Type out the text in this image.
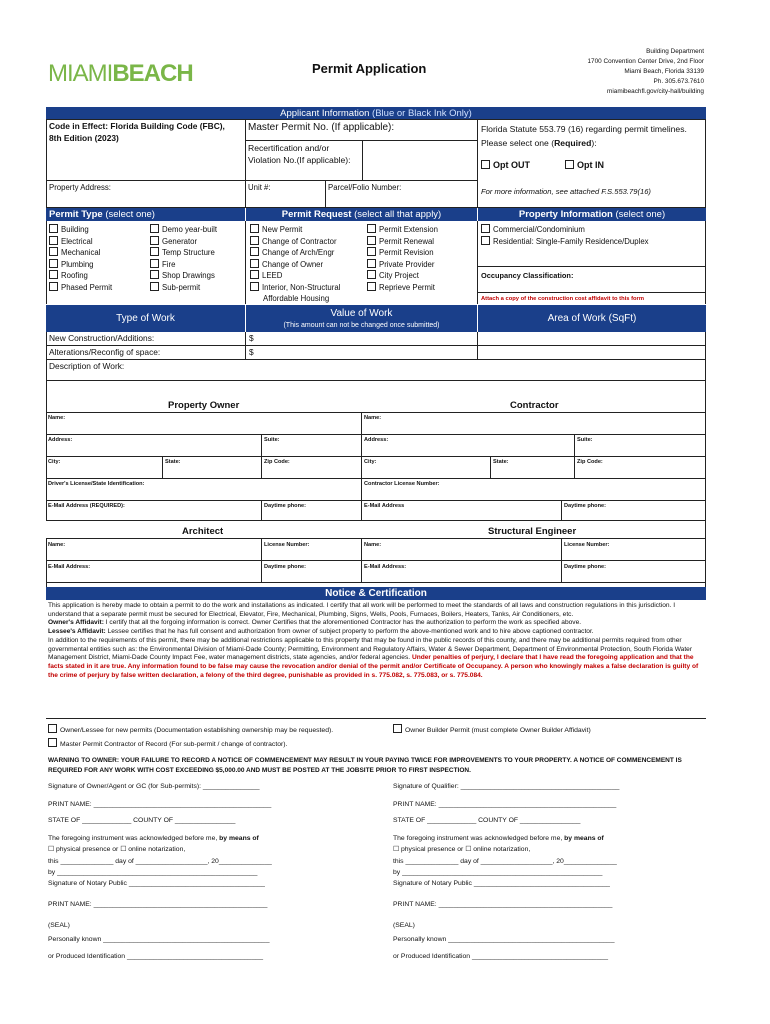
MIAMIBEACH	Permit Application
Building Department
1700 Convention Center Drive, 2nd Floor
Miami Beach, Florida 33139
Ph. 305.673.7610
miamibeachfl.gov/city-hall/building
Applicant Information
(Blue or Black Ink Only)
Code in Effect: Florida Building Code (FBC), 8th Edition (2023)
Master Permit No. (If applicable):
Recertification and/or Violation No.(If applicable):
Florida Statute 553.79 (16) regarding permit timelines. Please select one (Required):
Opt OUT	Opt IN
For more information, see attached F.S.553.79(16)
Property Address:	Unit #:	Parcel/Folio Number:
Permit Type
(select one)	Permit Request
(select all that apply)	Property Information
(select one)
Building
Electrical
Mechanical
Plumbing
Roofing
Phased Permit
Demo year-built
Generator
Temp Structure
Fire
Shop Drawings
Sub-permit
New Permit
Change of Contractor
Change of Arch/Engr
Change of Owner
LEED
Interior, Non-Structural
Affordable Housing
Permit Extension
Permit Renewal
Permit Revision
Private Provider
City Project
Reprieve Permit
Commercial/Condominium
Residential: Single-Family Residence/Duplex
Occupancy Classification:
Attach a copy of the construction cost affidavit to this form
Type of Work	Value of Work
(This amount can not be changed once submitted)
Area of Work (SqFt)
New Construction/Additions:	$
Alterations/Reconfig of space:	$
Description of Work:
Property Owner	Contractor
Name:	Name:
Address:	Suite:	Address:	Suite:
City:	State:	Zip Code:	City:	State:	Zip Code:
Driver's License/State Identification:	Contractor License Number:
E-Mail Address (REQUIRED):	Daytime phone:	E-Mail Address	Daytime phone:
Architect	Structural Engineer
Name:	License Number:	Name:	License Number:
E-Mail Address:	Daytime phone:	E-Mail Address:	Daytime phone:
Notice & Certification

This application is hereby made to obtain a permit to do the work and installations as indicated. I certify that all work will be performed to meet the standards of all laws and construction regulations in this jurisdiction. I understand that a separate permit must be secured for Electrical, Elevator, Fire, Mechanical, Plumbing, Signs, Wells, Pools, Furnaces, Boilers, Heaters, Tanks, Air Conditioners, etc.

Owner's Affidavit: I certify that all the forgoing information is correct. Owner Certifies that the aforementioned Contractor has the authorization to perform the work as specified above.

Lessee's Affidavit: Lessee certifies that he has full consent and authorization from owner of subject property to perform the above-mentioned work and to hire above captioned contractor.

In addition to the requirements of this permit, there may be additional restrictions applicable to this property that may be found in the public records of this county, and there may be additional permits required from other governmental entities such as: the Environmental Division of Miami-Dade County; Permitting, Environment and Regulatory Affairs, Water & Sewer Department, Department of Environmental Protection, South Florida Water Management District, Miami-Dade County Impact Fee, water management districts, state agencies, and/or federal agencies. Under penalties of perjury, I declare that I have read the foregoing application and that the facts stated in it are true. Any information found to be false may cause the revocation and/or denial of the permit and/or Certificate of Occupancy. A person who knowingly makes a false declaration is guilty of the crime of perjury by false written declaration, a felony of the third degree, punishable as provided in s. 775.082, s. 775.083, or s. 775.084.

Owner/Lessee for new permits (Documentation establishing ownership may be requested).	Owner Builder Permit (must complete Owner Builder Affidavit)
Master Permit Contractor of Record (For sub-permit / change of contractor).
WARNING TO OWNER: YOUR FAILURE TO RECORD A NOTICE OF COMMENCEMENT MAY RESULT IN YOUR PAYING TWICE FOR IMPROVEMENTS TO YOUR PROPERTY. A NOTICE OF COMMENCEMENT IS REQUIRED FOR ANY WORK WITH COST EXCEEDING $5,000.00 AND MUST BE POSTED AT THE JOBSITE PRIOR TO FIRST INSPECTION.
Signature of Owner/Agent or GC (for Sub-permits): _______________
PRINT NAME: _______________________________________________
STATE OF _____________ COUNTY OF ________________
The foregoing instrument was acknowledged before me, by means of
☐ physical presence or ☐ online notarization,
this ______________ day of ___________________, 20______________
by _____________________________________________________
Signature of Notary Public ____________________________________
PRINT NAME: ______________________________________________
(SEAL)
Personally known ____________________________________________
or Produced Identification ____________________________________
Signature of Qualifier: __________________________________________
PRINT NAME: _______________________________________________
STATE OF _____________ COUNTY OF ________________
The foregoing instrument was acknowledged before me, by means of
☐ physical presence or ☐ online notarization,
this ______________ day of ___________________, 20______________
by _____________________________________________________
Signature of Notary Public ____________________________________
PRINT NAME: ______________________________________________
(SEAL)
Personally known ____________________________________________
or Produced Identification ____________________________________
